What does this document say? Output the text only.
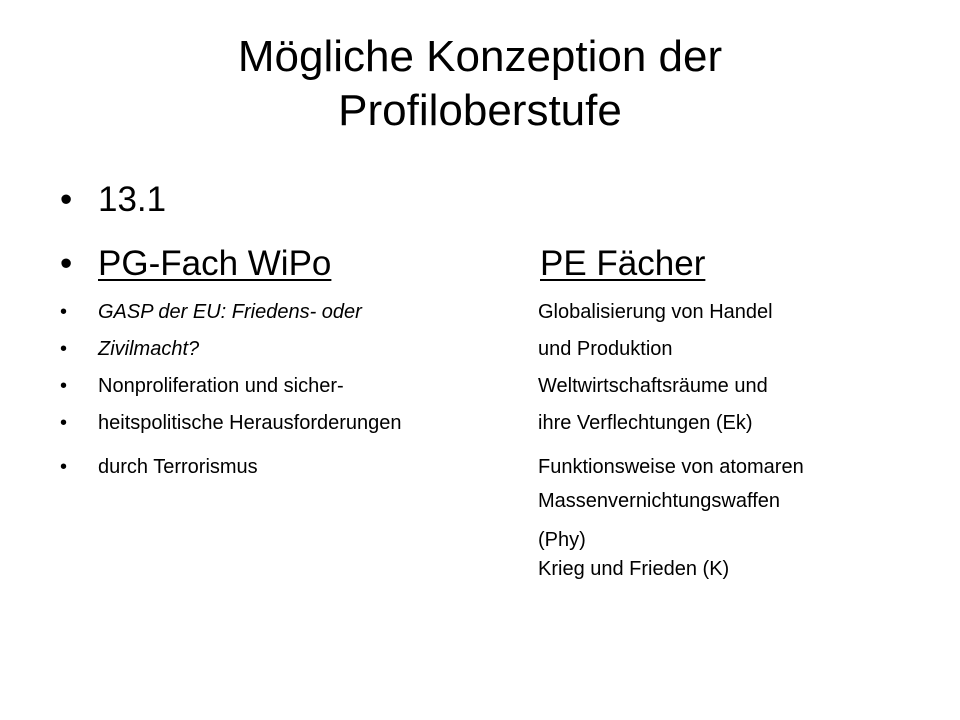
Mögliche Konzeption der
Profiloberstufe
• 13.1
• PG-Fach WiPo	PE Fächer
• GASP der EU: Friedens- oder	Globalisierung von Handel
• Zivilmacht?	und Produktion
• Nonproliferation und sicher-	Weltwirtschaftsräume und
• heitspolitische Herausforderungen	ihre Verflechtungen (Ek)
• durch Terrorismus	Funktionsweise von atomaren
Massenvernichtungswaffen
(Phy)
Krieg und Frieden (K)
